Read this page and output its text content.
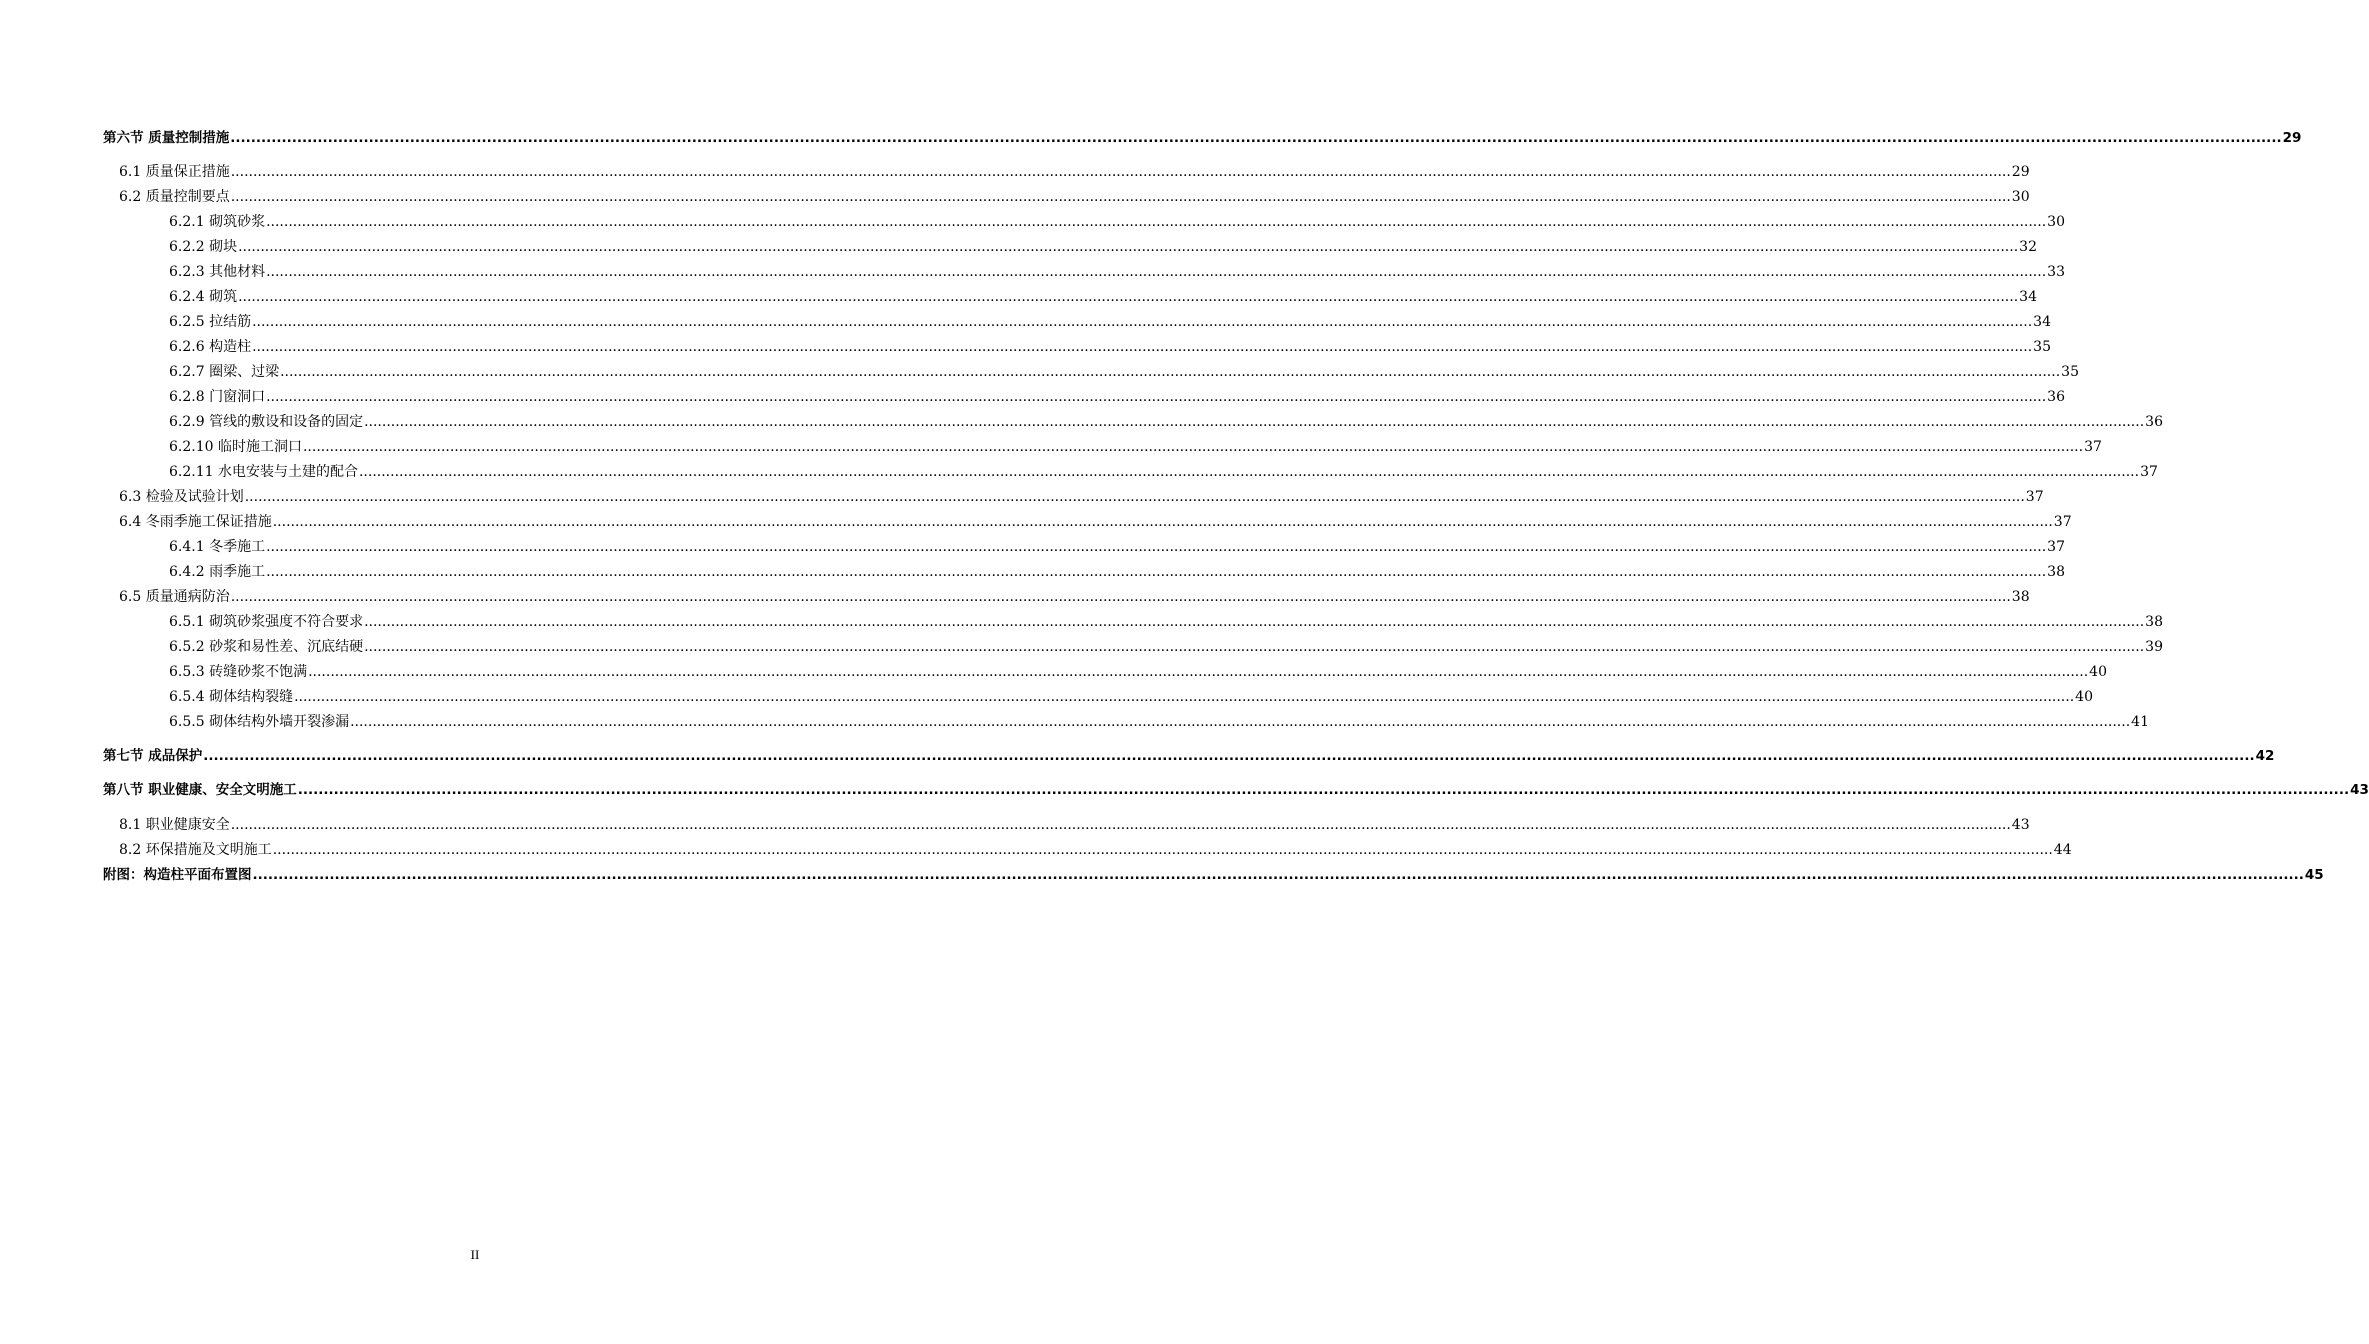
第六节 质量控制措施 ................................................................................................................................................................................................................................................................................................................................................................................................................ 29
6.1 质量保正措施 ................................................................................................................................................................................................................................................................................................................................................................................................................ 29
6.2 质量控制要点 ................................................................................................................................................................................................................................................................................................................................................................................................................ 30
6.2.1 砌筑砂浆 ................................................................................................................................................................................................................................................................................................................................................................................................................ 30
6.2.2 砌块 ................................................................................................................................................................................................................................................................................................................................................................................................................ 32
6.2.3 其他材料 ................................................................................................................................................................................................................................................................................................................................................................................................................ 33
6.2.4 砌筑 ................................................................................................................................................................................................................................................................................................................................................................................................................ 34
6.2.5 拉结筋 ................................................................................................................................................................................................................................................................................................................................................................................................................ 34
6.2.6 构造柱 ................................................................................................................................................................................................................................................................................................................................................................................................................ 35
6.2.7 圈梁、过梁 ................................................................................................................................................................................................................................................................................................................................................................................................................ 35
6.2.8 门窗洞口 ................................................................................................................................................................................................................................................................................................................................................................................................................ 36
6.2.9 管线的敷设和设备的固定 ................................................................................................................................................................................................................................................................................................................................................................................................................ 36
6.2.10 临时施工洞口 ................................................................................................................................................................................................................................................................................................................................................................................................................ 37
6.2.11 水电安装与土建的配合 ................................................................................................................................................................................................................................................................................................................................................................................................................ 37
6.3 检验及试验计划 ................................................................................................................................................................................................................................................................................................................................................................................................................ 37
6.4 冬雨季施工保证措施 ................................................................................................................................................................................................................................................................................................................................................................................................................ 37
6.4.1 冬季施工 ................................................................................................................................................................................................................................................................................................................................................................................................................ 37
6.4.2 雨季施工 ................................................................................................................................................................................................................................................................................................................................................................................................................ 38
6.5 质量通病防治 ................................................................................................................................................................................................................................................................................................................................................................................................................ 38
6.5.1 砌筑砂浆强度不符合要求 ................................................................................................................................................................................................................................................................................................................................................................................................................ 38
6.5.2 砂浆和易性差、沉底结硬 ................................................................................................................................................................................................................................................................................................................................................................................................................ 39
6.5.3 砖缝砂浆不饱满 ................................................................................................................................................................................................................................................................................................................................................................................................................ 40
6.5.4 砌体结构裂缝 ................................................................................................................................................................................................................................................................................................................................................................................................................ 40
6.5.5 砌体结构外墙开裂渗漏 ................................................................................................................................................................................................................................................................................................................................................................................................................ 41
第七节 成品保护 ................................................................................................................................................................................................................................................................................................................................................................................................................ 42
第八节 职业健康、安全文明施工 ................................................................................................................................................................................................................................................................................................................................................................................................................ 43
8.1 职业健康安全 ................................................................................................................................................................................................................................................................................................................................................................................................................ 43
8.2 环保措施及文明施工 ................................................................................................................................................................................................................................................................................................................................................................................................................ 44
附图：构造柱平面布置图 ................................................................................................................................................................................................................................................................................................................................................................................................................ 45
II
